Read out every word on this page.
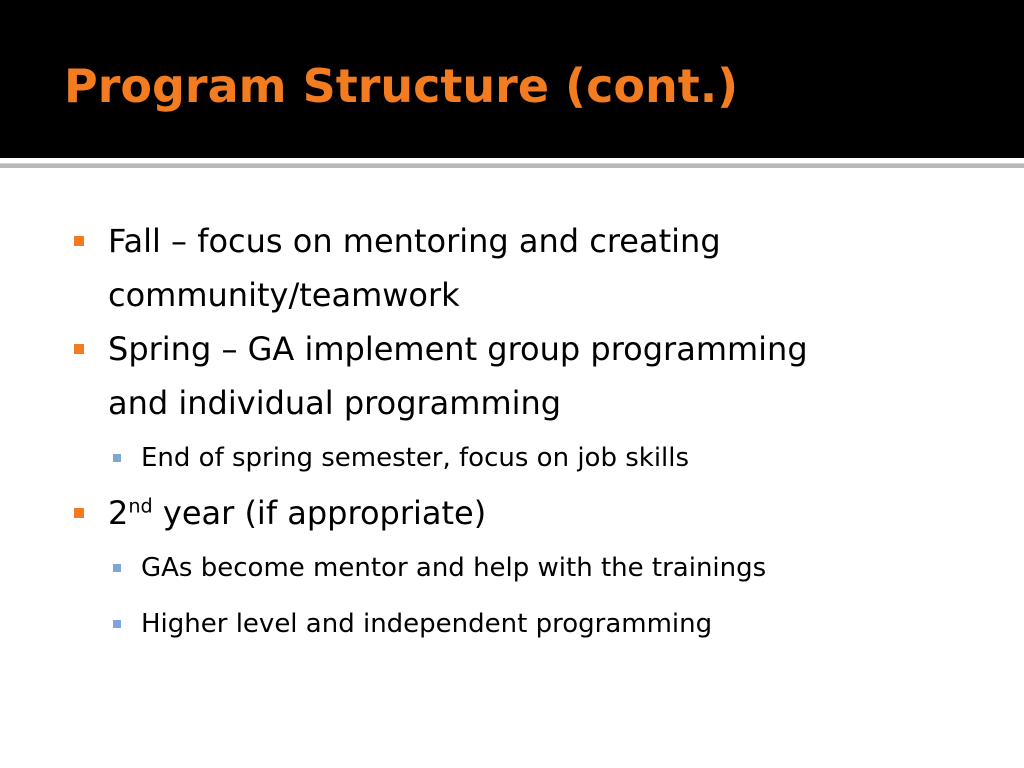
Program Structure (cont.)
Fall – focus on mentoring and creating
community/teamwork
Spring – GA implement group programming
and individual programming
End of spring semester, focus on job skills
2nd year (if appropriate)
GAs become mentor and help with the trainings
Higher level and independent programming
